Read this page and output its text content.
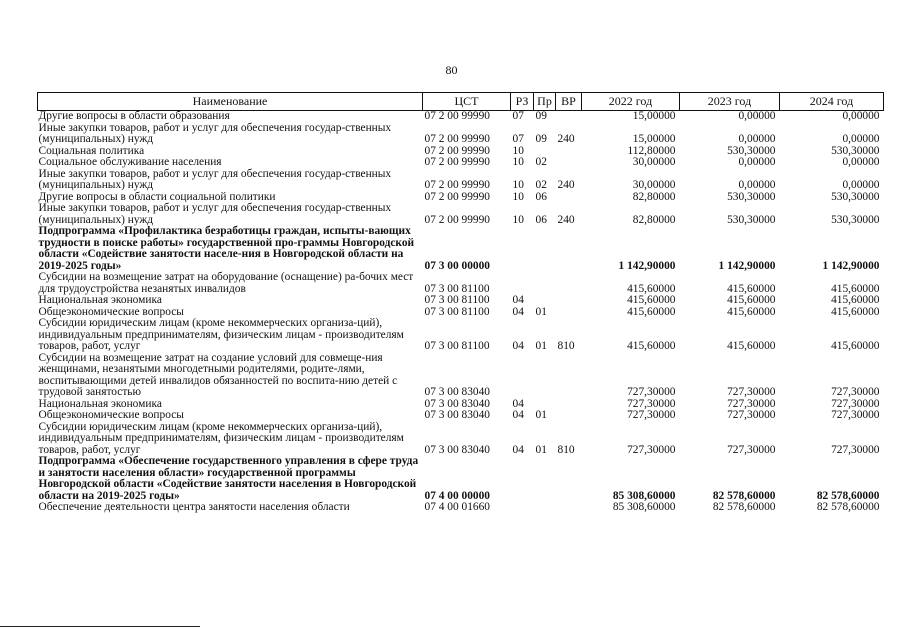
80
Наименование	ЦСТ	РЗ	Пр	ВР	2022 год	2023 год	2024 год
Другие вопросы в области образования	07 2 00 99990	07	09		15,00000	0,00000	0,00000
Иные закупки товаров, работ и услуг для обеспечения государ-ственных (муниципальных) нужд	07 2 00 99990	07	09	240	15,00000	0,00000	0,00000
Социальная политика	07 2 00 99990	10			112,80000	530,30000	530,30000
Социальное обслуживание населения	07 2 00 99990	10	02		30,00000	0,00000	0,00000
Иные закупки товаров, работ и услуг для обеспечения государ-ственных (муниципальных) нужд	07 2 00 99990	10	02	240	30,00000	0,00000	0,00000
Другие вопросы в области социальной политики	07 2 00 99990	10	06		82,80000	530,30000	530,30000
Иные закупки товаров, работ и услуг для обеспечения государ-ственных (муниципальных) нужд	07 2 00 99990	10	06	240	82,80000	530,30000	530,30000
Подпрограмма «Профилактика безработицы граждан, испыты-вающих трудности в поиске работы» государственной про-граммы Новгородской области «Содействие занятости населе-ния в Новгородской области на 2019-2025 годы»	07 3 00 00000				1 142,90000	1 142,90000	1 142,90000
Субсидии на возмещение затрат на оборудование (оснащение) ра-бочих мест для трудоустройства незанятых инвалидов	07 3 00 81100				415,60000	415,60000	415,60000
Национальная экономика	07 3 00 81100	04			415,60000	415,60000	415,60000
Общеэкономические вопросы	07 3 00 81100	04	01		415,60000	415,60000	415,60000
Субсидии юридическим лицам (кроме некоммерческих организа-ций), индивидуальным предпринимателям, физическим лицам - производителям товаров, работ, услуг	07 3 00 81100	04	01	810	415,60000	415,60000	415,60000
Субсидии на возмещение затрат на создание условий для совмеще-ния женщинами, незанятыми многодетными родителями, родите-лями, воспитывающими детей инвалидов обязанностей по воспита-нию детей с трудовой занятостью	07 3 00 83040				727,30000	727,30000	727,30000
Национальная экономика	07 3 00 83040	04			727,30000	727,30000	727,30000
Общеэкономические вопросы	07 3 00 83040	04	01		727,30000	727,30000	727,30000
Субсидии юридическим лицам (кроме некоммерческих организа-ций), индивидуальным предпринимателям, физическим лицам - производителям товаров, работ, услуг	07 3 00 83040	04	01	810	727,30000	727,30000	727,30000
Подпрограмма «Обеспечение государственного управления в сфере труда и занятости населения области» государственной программы Новгородской области «Содействие занятости населения в Новгородской области на 2019-2025 годы»	07 4 00 00000				85 308,60000	82 578,60000	82 578,60000
Обеспечение деятельности центра занятости населения области	07 4 00 01660				85 308,60000	82 578,60000	82 578,60000
